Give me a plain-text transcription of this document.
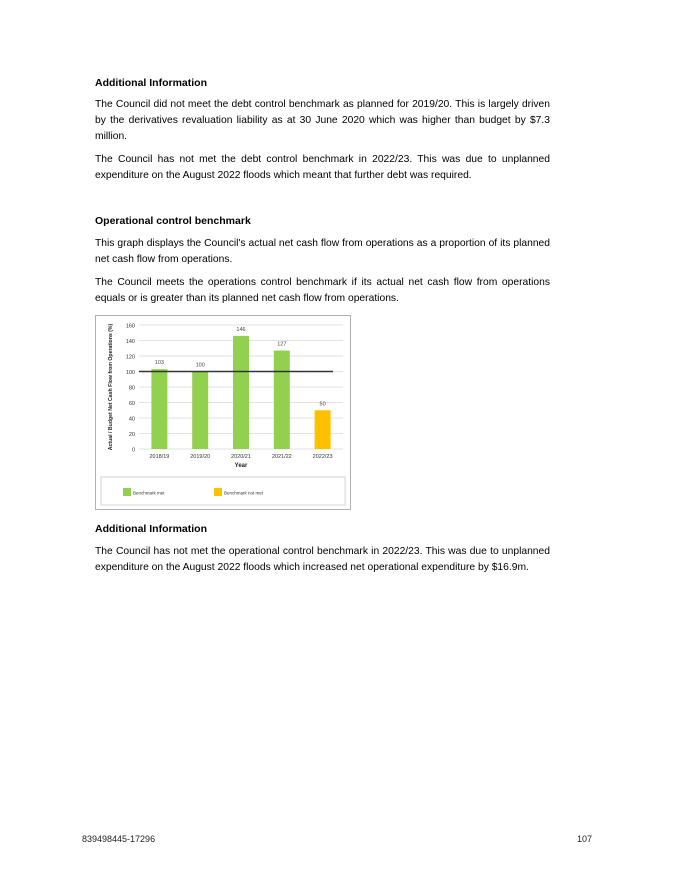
Additional Information
The Council did not meet the debt control benchmark as planned for 2019/20. This is largely driven by the derivatives revaluation liability as at 30 June 2020 which was higher than budget by $7.3 million.
The Council has not met the debt control benchmark in 2022/23. This was due to unplanned expenditure on the August 2022 floods which meant that further debt was required.
Operational control benchmark
This graph displays the Council's actual net cash flow from operations as a proportion of its planned net cash flow from operations.
The Council meets the operations control benchmark if its actual net cash flow from operations equals or is greater than its planned net cash flow from operations.
0
20
40
60
80
100
120
140
160
103
2018/19
100
2019/20
146
2020/21
127
2021/22
50
2022/23
Year
Actual / Budget Net Cash Flow from Operations (%)
Benchmark met	Benchmark not met
Additional Information
The Council has not met the operational control benchmark in 2022/23. This was due to unplanned expenditure on the August 2022 floods which increased net operational expenditure by $16.9m.
839498445-17296	107
